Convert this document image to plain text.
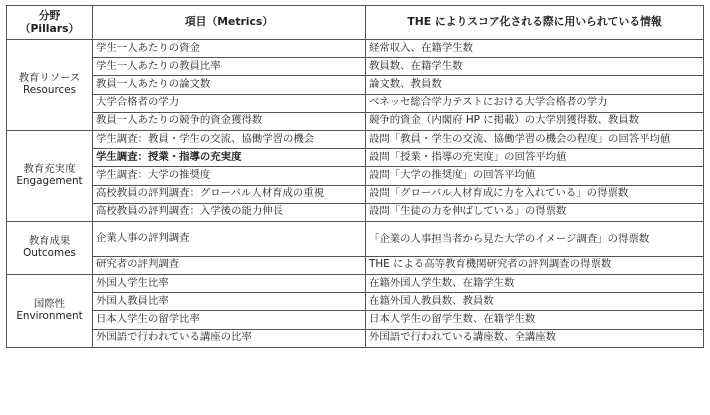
分野
（Pillars）	項目（Metrics）	THE によりスコア化される際に用いられている情報

教育リソース
Resources	学生一人あたりの資金	経常収入、在籍学生数
	学生一人あたりの教員比率	教員数、在籍学生数
	教員一人あたりの論文数	論文数、教員数
	大学合格者の学力	ベネッセ総合学力テストにおける大学合格者の学力
	教員一人あたりの競争的資金獲得数	競争的資金（内閣府 HP に掲載）の大学別獲得数、教員数

教育充実度
Engagement	学生調査：教員・学生の交流、協働学習の機会	設問「教員・学生の交流、協働学習の機会の程度」の回答平均値
	学生調査：授業・指導の充実度	設問「授業・指導の充実度」の回答平均値
	学生調査：大学の推奨度	設問「大学の推奨度」の回答平均値
	高校教員の評判調査：グローバル人材育成の重視	設問「グローバル人材育成に力を入れている」の得票数
	高校教員の評判調査：入学後の能力伸長	設問「生徒の力を伸ばしている」の得票数

教育成果
Outcomes	企業人事の評判調査	「企業の人事担当者から見た大学のイメージ調査」の得票数
	研究者の評判調査	THE による高等教育機関研究者の評判調査の得票数

国際性
Environment	外国人学生比率	在籍外国人学生数、在籍学生数
	外国人教員比率	在籍外国人教員数、教員数
	日本人学生の留学比率	日本人学生の留学生数、在籍学生数
	外国語で行われている講座の比率	外国語で行われている講座数、全講座数
